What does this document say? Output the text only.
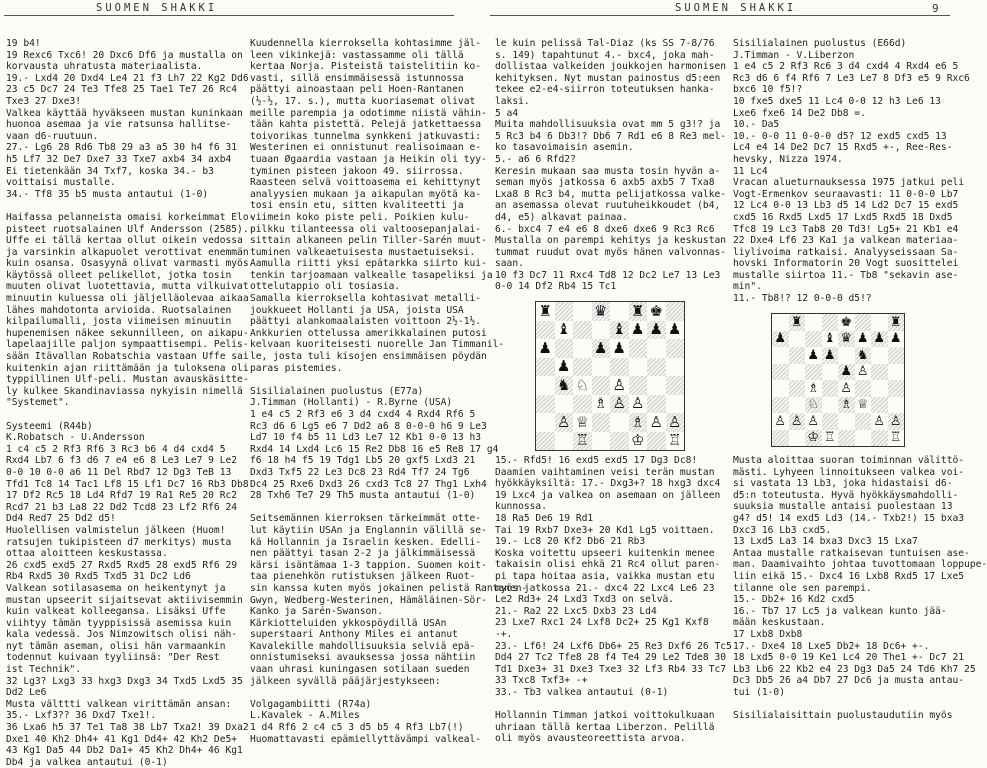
SUOMEN SHAKKI	SUOMEN SHAKKI	9
19 b4!
19 Rexc6 Txc6! 20 Dxc6 Df6 ja mustalla on
korvausta uhratusta materiaalista.
19.- Lxd4 20 Dxd4 Le4 21 f3 Lh7 22 Kg2 Dd6
23 c5 Dc7 24 Te3 Tfe8 25 Tae1 Te7 26 Rc4
Txe3 27 Dxe3!
Valkea käyttää hyväkseen mustan kuninkaan
huonoa asemaa ja vie ratsunsa hallitse-
vaan d6-ruutuun.
27.- Lg6 28 Rd6 Tb8 29 a3 a5 30 h4 f6 31
h5 Lf7 32 De7 Dxe7 33 Txe7 axb4 34 axb4
Ei tietenkään 34 Txf7, koska 34.- b3
voittaisi mustalle.
34.- Tf8 35 b5 musta antautui (1-0)
Haifassa pelanneista omaisi korkeimmat Elo-
pisteet ruotsalainen Ulf Andersson (2585).
Uffe ei tällä kertaa ollut oikein vedossa
ja varsinkin alkapuolet verottivat enemmän
kuin osansa. Osasyynä olivat varmasti myös
käytössä olleet pelikellot, jotka tosin
muuten olivat luotettavia, mutta vilkuivat
minuutin kuluessa oli jäljelläolevaa aikaa
lähes mahdotonta arvioida. Ruotsalainen
kilpailumalli, josta viimeisen minuutin
hupenemisen näkee sekunnilleen, on aikapu-
lapelaajille paljon sympaattisempi. Pelis-
sään Itävallan Robatschia vastaan Uffe sai
kuitenkin ajan riittämään ja tuloksena oli
typpillinen Ulf-peli. Mustan avauskäsitte-
ly kulkee Skandinaviassa nykyisin nimellä
"Systemet".
Systeemi (R44b)
K.Robatsch - U.Andersson
1 c4 c5 2 Rf3 Rf6 3 Rc3 b6 4 d4 cxd4 5
Rxd4 Lb7 6 f3 d6 7 e4 e6 8 Le3 Le7 9 Le2
0-0 10 0-0 a6 11 Del Rbd7 12 Dg3 TeB 13
Tfd1 Tc8 14 Tac1 Lf8 15 Lf1 Dc7 16 Rb3 Db8
17 Df2 Rc5 18 Ld4 Rfd7 19 Ra1 Re5 20 Rc2
Rcd7 21 b3 La8 22 Dd2 Tcd8 23 Lf2 Rf6 24
Dd4 Red7 25 Dd2 d5!
Huolellisen valmistelun jälkeen (Huom!
ratsujen tukipisteen d7 merkitys) musta
ottaa aloitteen keskustassa.
26 cxd5 exd5 27 Rxd5 Rxd5 28 exd5 Rf6 29
Rb4 Rxd5 30 Rxd5 Txd5 31 Dc2 Ld6
Valkean sotilasasema on heikentynyt ja
mustan upseerit sijaitsevat aktiivisemmin
kuin valkeat kolleegansa. Lisäksi Uffe
viihtyy tämän tyyppisissä asemissa kuin
kala vedessä. Jos Nimzowitsch olisi näh-
nyt tämän aseman, olisi hän varmaankin
todennut kuivaan tyyliinsä: "Der Rest
ist Technik".
32 Lg3? Lxg3 33 hxg3 Dxg3 34 Txd5 Lxd5 35
Dd2 Le6
Musta välttti valkean virittämän ansan:
35.- Lxf3?? 36 Dxd7 Txe1!.
36 Lxa6 h5 37 Te1 Ta8 38 Lb7 Txa2! 39 Dxa2
Dxe1 40 Kh2 Dh4+ 41 Kg1 Dd4+ 42 Kh2 De5+
43 Kg1 Da5 44 Db2 Da1+ 45 Kh2 Dh4+ 46 Kg1
Db4 ja valkea antautui (0-1)
Kuudennella kierroksella kohtasimme jäl-
leen vikinkejä: vastassamme oli tällä
kertaa Norja. Pisteistä taistelitiin ko-
vasti, sillä ensimmäisessä istunnossa
päättyi ainoastaan peli Hoen-Rantanen
(½-½, 17. s.), mutta kuoriasemat olivat
meille parempia ja odotimme niistä vähin-
tään kahta pistettä. Pelejä jatkettaessa
toivorikas tunnelma synkkeni jatkuvasti:
Westerinen ei onnistunut realisoimaan e-
tuaan Øgaardia vastaan ja Heikin oli tyy-
tyminen pisteen jakoon 49. siirrossa.
Raasteen selvä voittoasema ei kehittynyt
analyysien mukaan ja aikapulan myötä ka-
tosi ensin etu, sitten kvaliteetti ja
viimein koko piste peli. Poikien kulu-
pilkku tilanteessa oli valtoosepanjalai-
sittain alkaneen pelin Tiller-Sarén muut-
tuminen valkeaetuisesta mustaetuiseksi.
Aamulla riitti yksi epätarkka siirto kui-
tenkin tarjoamaan valkealle tasapeliksi ja
ottelutappio oli tosiasia.
Samalla kierroksella kohtasivat metalli-
joukkueet Hollanti ja USA, joista USA
päättyi alankomaalaisten voittoon 2½-1½.
Ankkurien ottelussa amerikkalainen putosi
kelvaan kuoriteisesti nuorelle Jan Timmanil-
le, josta tuli kisojen ensimmäisen pöydän
paras pistemies.
Sisilialainen puolustus (E77a)
J.Timman (Hollanti) - R.Byrne (USA)
1 e4 c5 2 Rf3 e6 3 d4 cxd4 4 Rxd4 Rf6 5
Rc3 d6 6 Lg5 e6 7 Dd2 a6 8 0-0-0 h6 9 Le3
Ld7 10 f4 b5 11 Ld3 Le7 12 Kb1 0-0 13 h3
Rxd4 14 Lxd4 Lc6 15 Re2 Db8 16 e5 Re8 17 g4
f6 18 h4 f5 19 Tdg1 Lb5 20 gxf5 Lxd3 21
Dxd3 Txf5 22 Le3 Dc8 23 Rd4 Tf7 24 Tg6
Dc4 25 Rxe6 Dxd3 26 cxd3 Tc8 27 Thg1 Lxh4
28 Txh6 Te7 29 Th5 musta antautui (1-0)
Seitsemännen kierroksen tärkeimmät otte-
lut käytiin USAn ja Englannin välillä se-
kä Hollannin ja Israelin kesken. Edelli-
nen päättyi tasan 2-2 ja jälkimmäisessä
kärsi isäntämaa 1-3 tappion. Suomen koit-
taa pienehkön rutistuksen jälkeen Ruot-
sin kanssa kuten myös jokainen pelistä Rantanen-
Gwyn, Wedberg-Westerinen, Hämäläinen-Sör-
Kanko ja Sarén-Swanson.
Kärkiotteluiden ykkospöydillä USAn
superstaari Anthony Miles ei antanut
Kavalekille mahdollisuuksia selviä epä-
onnistumiseksi avauksessa jossa nähtiin
vaan uhrasi kuningasen sotilaan sueden
jälkeen syvällä pääjärjestykseen:
Volgagambiitti (R74a)
L.Kavalek - A.Miles
1 d4 Rf6 2 c4 c5 3 d5 b5 4 Rf3 Lb7(!)
Huomattavasti epämiellyttävämpi valkeal-
le kuin pelissä Tal-Diaz (ks SS 7-8/76
s. 149) tapahtunut 4.- bxc4, joka mah-
dollistaa valkeiden joukkojen harmonisen
kehityksen. Nyt mustan painostus d5:een
tekee e2-e4-siirron toteutuksen hanka-
laksi.
5 a4
Muita mahdollisuuksia ovat mm 5 g3!? ja
5 Rc3 b4 6 Db3!? Db6 7 Rd1 e6 8 Re3 mel-
ko tasavoimaisin asemin.
5.- a6 6 Rfd2?
Keresin mukaan saa musta tosin hyvän a-
seman myös jatkossa 6 axb5 axb5 7 Txa8
Lxa8 8 Rc3 b4, mutta pelijatkossa valke-
an asemassa olevat ruutuheikkoudet (b4,
d4, e5) alkavat painaa.
6.- bxc4 7 e4 e6 8 dxe6 dxe6 9 Rc3 Rc6
Mustalla on parempi kehitys ja keskustan
tummat ruudut ovat myös hänen valvonnas-
saan.
10 f3 Dc7 11 Rxc4 Td8 12 Dc2 Le7 13 Le3
0-0 14 Df2 Rb4 15 Tc1
♜	♛ ♜ ♚
♝	♝ ♟ ♟ ♟
♟	♟ ♟
♟
♞ ♘ ♙
♗ ♙ ♙
♙ ♕	♗ ♙ ♙
♖	♔ ♖
15.- Rfd5! 16 exd5 exd5 17 Dg3 Dc8!
Daamien vaihtaminen veisi terän mustan
hyökkäyksiltä: 17.- Dxg3+? 18 hxg3 dxc4
19 Lxc4 ja valkea on asemaan on jälleen
kunnossa.
18 Ra5 De6 19 Rd1
Tai 19 Rxb7 Dxe3+ 20 Kd1 Lg5 voittaen.
19.- Lc8 20 Kf2 Db6 21 Rb3
Koska voitettu upseeri kuitenkin menee
takaisin olisi ehkä 21 Rc4 ollut paren-
pi tapa hoitaa asia, vaikka mustan etu
myös jatkossa 21.- dxc4 22 Lxc4 Le6 23
Le2 Rd3+ 24 Lxd3 Txd3 on selvä.
21.- Ra2 22 Lxc5 Dxb3 23 Ld4
23 Lxe7 Rxc1 24 Lxf8 Dc2+ 25 Kg1 Kxf8
-+.
23.- Lf6! 24 Lxf6 Db6+ 25 Re3 Dxf6 26 Tc5
Dd4 27 Tc2 Tfe8 28 f4 Te4 29 Le2 Tde8 30
Td1 Dxe3+ 31 Dxe3 Txe3 32 Lf3 Rb4 33 Tc7
33 Txc8 Txf3+ -+
33.- Tb3 valkea antautui (0-1)
Hollannin Timman jatkoi voittokulkuaan
uhriaan tällä kertaa Liberzon. Pelillä
oli myös avausteoreettista arvoa.
Sisilialainen puolustus (E66d)
J.Timman - V.Liberzon
1 e4 c5 2 Rf3 Rc6 3 d4 cxd4 4 Rxd4 e6 5
Rc3 d6 6 f4 Rf6 7 Le3 Le7 8 Df3 e5 9 Rxc6
bxc6 10 f5!?
10 fxe5 dxe5 11 Lc4 0-0 12 h3 Le6 13
Lxe6 fxe6 14 De2 Db8 =.
10.- Da5
10.- 0-0 11 0-0-0 d5? 12 exd5 cxd5 13
Lc4 e4 14 De2 Dc7 15 Rxd5 +-, Ree-Res-
hevsky, Nizza 1974.
11 Lc4
Vracan alueturnauksessa 1975 jatkui peli
Vogt-Ermenkov seuraavasti: 11 0-0-0 Lb7
12 Lc4 0-0 13 Lb3 d5 14 Ld2 Dc7 15 exd5
cxd5 16 Rxd5 Lxd5 17 Lxd5 Rxd5 18 Dxd5
Tfc8 19 Lc3 Tab8 20 Td3! Lg5+ 21 Kb1 e4
22 Dxe4 Lf6 23 Ka1 ja valkean materiaa-
liylivoima ratkaisi. Analyyseissaan Sa-
hovski Informatorin 20 Vogt suosittelei
mustalle siirtoa 11.- Tb8 "sekavin ase-
min".
11.- Tb8!? 12 0-0-0 d5!?
♜	♚	♜
♟	♝ ♛ ♟ ♟ ♟
♟ ♟ ♞
♟ ♙
♗ ♙
♘ ♗ ♕
♙ ♙ ♙	♙ ♙
♔ ♖	♖
Musta aloittaa suoran toiminnan välittö-
mästi. Lyhyeen linnoitukseen valkea voi-
si vastata 13 Lb3, joka hidastaisi d6-
d5:n toteutusta. Hyvä hyökkäysmahdolli-
suuksia mustalle antaisi puolestaan 13
g4? d5! 14 exd5 Ld3 (14.- Txb2!) 15 bxa3
Dxc3 16 Lb3 cxd5.
13 Lxd5 La3 14 bxa3 Dxc3 15 Lxa7
Antaa mustalle ratkaisevan tuntuisen ase-
man. Daamivaihto johtaa tuvottomaan loppupe-
liin eikä 15.- Dxc4 16 Lxb8 Rxd5 17 Lxe5
tilanne ole sen parempi.
15.- Db2+ 16 Kd2 cxd5
16.- Tb7 17 Lc5 ja valkean kunto jää-
mään keskustaan.
17 Lxb8 Dxb8
17.- Dxe4 18 Lxe5 Db2+ 18 Dc6+ +-.
18 Lxd5 0-0 19 Ke1 Lc4 20 The1 +- Dc7 21
Lb3 Lb6 22 Kb2 e4 23 Dg3 Da5 24 Td6 Kh7 25
Dc3 Db5 26 a4 Db7 27 Dc6 ja musta antau-
tui (1-0)
Sisilialaisittain puolustaudutiin myös
